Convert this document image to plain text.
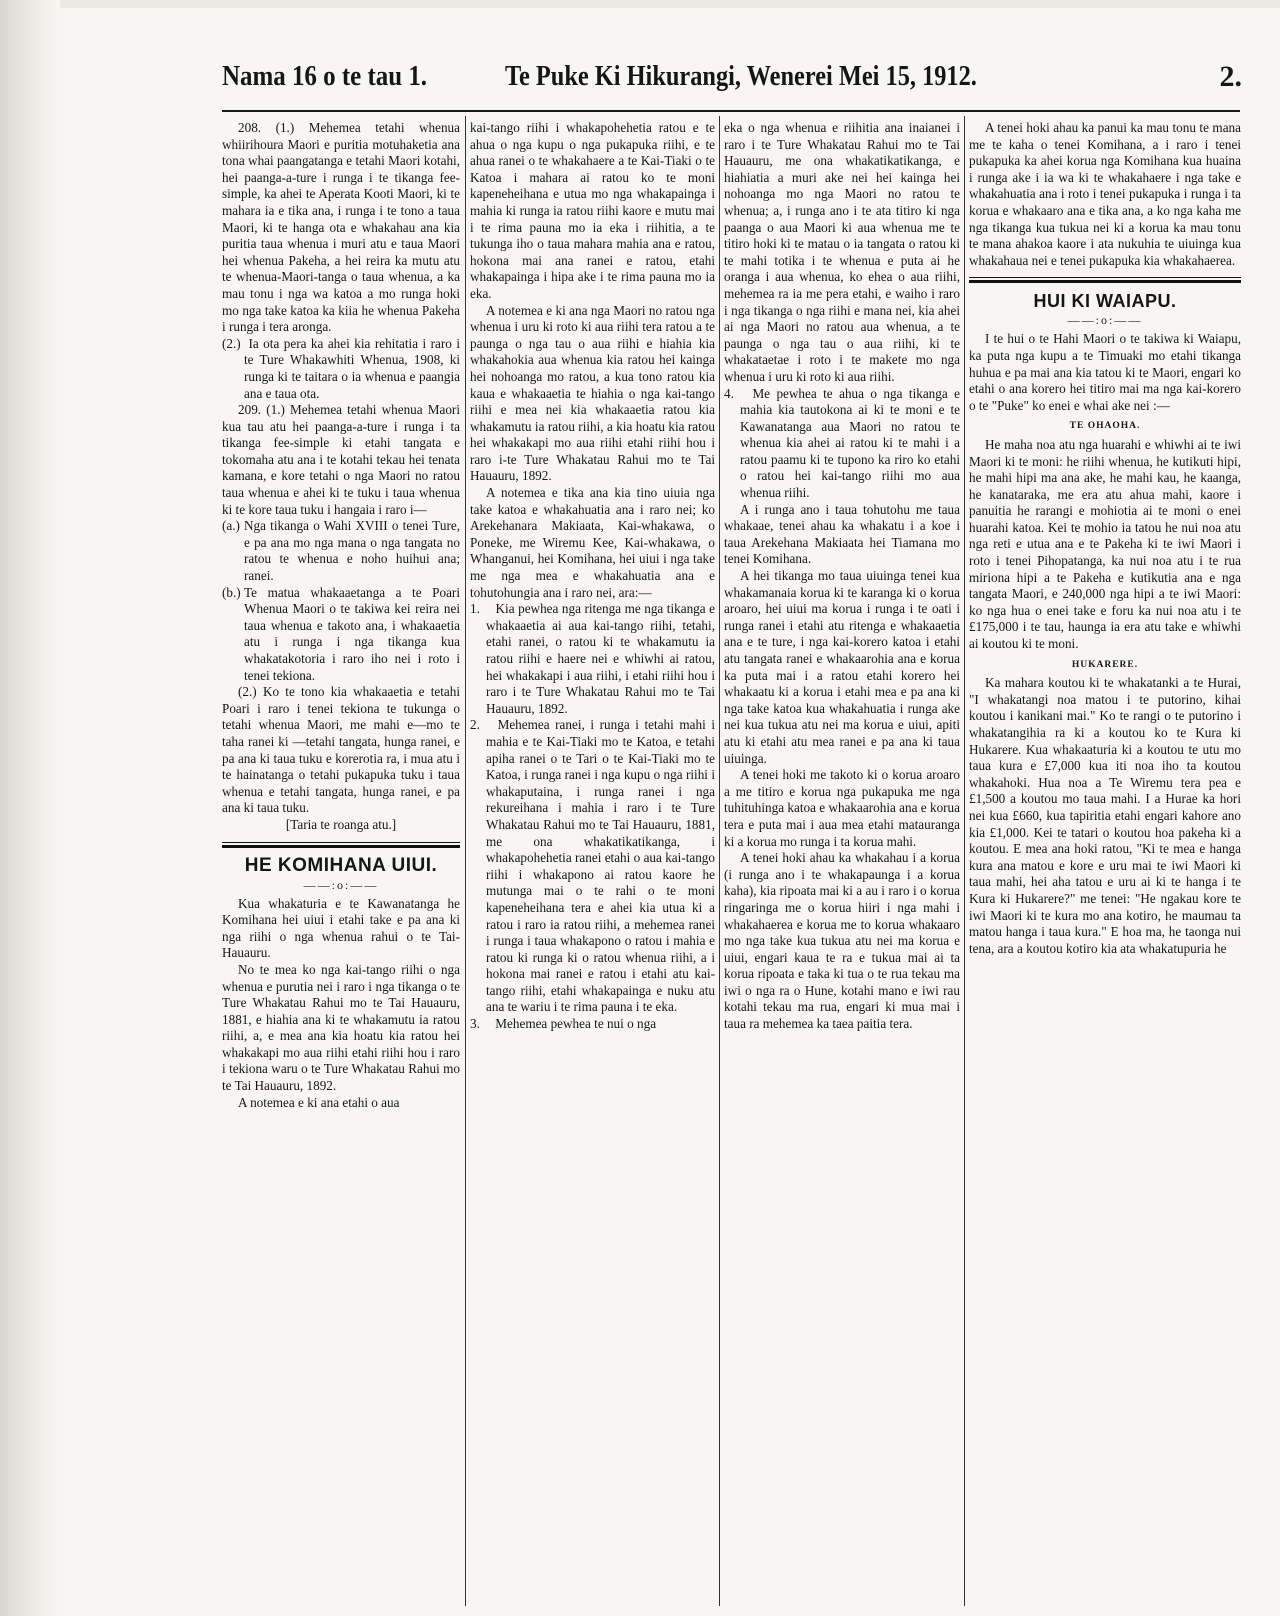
Nama 16 o te tau 1.	Te Puke Ki Hikurangi, Wenerei Mei 15, 1912.	2.

208. (1.) Mehemea tetahi whenua whiirihoura Maori e puritia motuhaketia ana tona whai paangatanga e tetahi Maori kotahi, hei paanga-a-ture i runga i te tikanga fee-simple, ka ahei te Aperata Kooti Maori, ki te mahara ia e tika ana, i runga i te tono a taua Maori, ki te hanga ota e whakahau ana kia puritia taua whenua i muri atu e taua Maori hei whenua Pakeha, a hei reira ka mutu atu te whenua-Maori-tanga o taua whenua, a ka mau tonu i nga wa katoa a mo runga hoki mo nga take katoa ka kiia he whenua Pakeha i runga i tera aronga.

(2.) Ia ota pera ka ahei kia rehitatia i raro i te Ture Whakawhiti Whenua, 1908, ki runga ki te taitara o ia whenua e paangia ana e taua ota.

209. (1.) Mehemea tetahi whenua Maori kua tau atu hei paanga-a-ture i runga i ta tikanga fee-simple ki etahi tangata e tokomaha atu ana i te kotahi tekau hei tenata kamana, e kore tetahi o nga Maori no ratou taua whenua e ahei ki te tuku i taua whenua ki te kore taua tuku i hangaia i raro i—

(a.) Nga tikanga o Wahi XVIII o tenei Ture, e pa ana mo nga mana o nga tangata no ratou te whenua e noho huihui ana; ranei.

(b.) Te matua whakaaetanga a te Poari Whenua Maori o te takiwa kei reira nei taua whenua e takoto ana, i whakaaetia atu i runga i nga tikanga kua whakatakotoria i raro iho nei i roto i tenei tekiona.

(2.) Ko te tono kia whakaaetia e tetahi Poari i raro i tenei tekiona te tukunga o tetahi whenua Maori, me mahi e—mo te taha ranei ki —tetahi tangata, hunga ranei, e pa ana ki taua tuku e korerotia ra, i mua atu i te hainatanga o tetahi pukapuka tuku i taua whenua e tetahi tangata, hunga ranei, e pa ana ki taua tuku.

[Taria te roanga atu.]

HE KOMIHANA UIUI.

——:o:——

Kua whakaturia e te Kawanatanga he Komihana hei uiui i etahi take e pa ana ki nga riihi o nga whenua rahui o te Tai-Hauauru.

No te mea ko nga kai-tango riihi o nga whenua e purutia nei i raro i nga tikanga o te Ture Whakatau Rahui mo te Tai Hauauru, 1881, e hiahia ana ki te whakamutu ia ratou riihi, a, e mea ana kia hoatu kia ratou hei whakakapi mo aua riihi etahi riihi hou i raro i tekiona waru o te Ture Whakatau Rahui mo te Tai Hauauru, 1892.

A notemea e ki ana etahi o aua

kai-tango riihi i whakapohehetia ratou e te ahua o nga kupu o nga pukapuka riihi, e te ahua ranei o te whakahaere a te Kai-Tiaki o te Katoa i mahara ai ratou ko te moni kapeneheihana e utua mo nga whakapainga i mahia ki runga ia ratou riihi kaore e mutu mai i te rima pauna mo ia eka i riihitia, a te tukunga iho o taua mahara mahia ana e ratou, hokona mai ana ranei e ratou, etahi whakapainga i hipa ake i te rima pauna mo ia eka.

A notemea e ki ana nga Maori no ratou nga whenua i uru ki roto ki aua riihi tera ratou a te paunga o nga tau o aua riihi e hiahia kia whakahokia aua whenua kia ratou hei kainga hei nohoanga mo ratou, a kua tono ratou kia kaua e whakaaetia te hiahia o nga kai-tango riihi e mea nei kia whakaaetia ratou kia whakamutu ia ratou riihi, a kia hoatu kia ratou hei whakakapi mo aua riihi etahi riihi hou i raro i-te Ture Whakatau Rahui mo te Tai Hauauru, 1892.

A notemea e tika ana kia tino uiuia nga take katoa e whakahuatia ana i raro nei; ko Arekehanara Makiaata, Kai-whakawa, o Poneke, me Wiremu Kee, Kai-whakawa, o Whanganui, hei Komihana, hei uiui i nga take me nga mea e whakahuatia ana e tohutohungia ana i raro nei, ara:—

1. Kia pewhea nga ritenga me nga tikanga e whakaaetia ai aua kai-tango riihi, tetahi, etahi ranei, o ratou ki te whakamutu ia ratou riihi e haere nei e whiwhi ai ratou, hei whakakapi i aua riihi, i etahi riihi hou i raro i te Ture Whakatau Rahui mo te Tai Hauauru, 1892.

2. Mehemea ranei, i runga i tetahi mahi i mahia e te Kai-Tiaki mo te Katoa, e tetahi apiha ranei o te Tari o te Kai-Tiaki mo te Katoa, i runga ranei i nga kupu o nga riihi i whakaputaina, i runga ranei i nga rekureihana i mahia i raro i te Ture Whakatau Rahui mo te Tai Hauauru, 1881, me ona whakatikatikanga, i whakapohehetia ranei etahi o aua kai-tango riihi i whakapono ai ratou kaore he mutunga mai o te rahi o te moni kapeneheihana tera e ahei kia utua ki a ratou i raro ia ratou riihi, a mehemea ranei i runga i taua whakapono o ratou i mahia e ratou ki runga ki o ratou whenua riihi, a i hokona mai ranei e ratou i etahi atu kai-tango riihi, etahi whakapainga e nuku atu ana te wariu i te rima pauna i te eka.

3. Mehemea pewhea te nui o nga

eka o nga whenua e riihitia ana inaianei i raro i te Ture Whakatau Rahui mo te Tai Hauauru, me ona whakatikatikanga, e hiahiatia a muri ake nei hei kainga hei nohoanga mo nga Maori no ratou te whenua; a, i runga ano i te ata titiro ki nga paanga o aua Maori ki aua whenua me te titiro hoki ki te matau o ia tangata o ratou ki te mahi totika i te whenua e puta ai he oranga i aua whenua, ko ehea o aua riihi, mehemea ra ia me pera etahi, e waiho i raro i nga tikanga o nga riihi e mana nei, kia ahei ai nga Maori no ratou aua whenua, a te paunga o nga tau o aua riihi, ki te whakataetae i roto i te makete mo nga whenua i uru ki roto ki aua riihi.

4. Me pewhea te ahua o nga tikanga e mahia kia tautokona ai ki te moni e te Kawanatanga aua Maori no ratou te whenua kia ahei ai ratou ki te mahi i a ratou paamu ki te tupono ka riro ko etahi o ratou hei kai-tango riihi mo aua whenua riihi.

A i runga ano i taua tohutohu me taua whakaae, tenei ahau ka whakatu i a koe i taua Arekehana Makiaata hei Tiamana mo tenei Komihana.

A hei tikanga mo taua uiuinga tenei kua whakamanaia korua ki te karanga ki o korua aroaro, hei uiui ma korua i runga i te oati i runga ranei i etahi atu ritenga e whakaaetia ana e te ture, i nga kai-korero katoa i etahi atu tangata ranei e whakaarohia ana e korua ka puta mai i a ratou etahi korero hei whakaatu ki a korua i etahi mea e pa ana ki nga take katoa kua whakahuatia i runga ake nei kua tukua atu nei ma korua e uiui, apiti atu ki etahi atu mea ranei e pa ana ki taua uiuinga.

A tenei hoki me takoto ki o korua aroaro a me titiro e korua nga pukapuka me nga tuhituhinga katoa e whakaarohia ana e korua tera e puta mai i aua mea etahi matauranga ki a korua mo runga i ta korua mahi.

A tenei hoki ahau ka whakahau i a korua (i runga ano i te whakapaunga i a korua kaha), kia ripoata mai ki a au i raro i o korua ringaringa me o korua hiiri i nga mahi i whakahaerea e korua me to korua whakaaro mo nga take kua tukua atu nei ma korua e uiui, engari kaua te ra e tukua mai ai ta korua ripoata e taka ki tua o te rua tekau ma iwi o nga ra o Hune, kotahi mano e iwi rau kotahi tekau ma rua, engari ki mua mai i taua ra mehemea ka taea paitia tera.

A tenei hoki ahau ka panui ka mau tonu te mana me te kaha o tenei Komihana, a i raro i tenei pukapuka ka ahei korua nga Komihana kua huaina i runga ake i ia wa ki te whakahaere i nga take e whakahuatia ana i roto i tenei pukapuka i runga i ta korua e whakaaro ana e tika ana, a ko nga kaha me nga tikanga kua tukua nei ki a korua ka mau tonu te mana ahakoa kaore i ata nukuhia te uiuinga kua whakahaua nei e tenei pukapuka kia whakahaerea.

HUI KI WAIAPU.

——:o:——

I te hui o te Hahi Maori o te takiwa ki Waiapu, ka puta nga kupu a te Timuaki mo etahi tikanga huhua e pa mai ana kia tatou ki te Maori, engari ko etahi o ana korero hei titiro mai ma nga kai-korero o te "Puke" ko enei e whai ake nei :—

TE OHAOHA.

He maha noa atu nga huarahi e whiwhi ai te iwi Maori ki te moni: he riihi whenua, he kutikuti hipi, he mahi hipi ma ana ake, he mahi kau, he kaanga, he kanataraka, me era atu ahua mahi, kaore i panuitia he rarangi e mohiotia ai te moni o enei huarahi katoa. Kei te mohio ia tatou he nui noa atu nga reti e utua ana e te Pakeha ki te iwi Maori i roto i tenei Pihopatanga, ka nui noa atu i te rua miriona hipi a te Pakeha e kutikutia ana e nga tangata Maori, e 240,000 nga hipi a te iwi Maori: ko nga hua o enei take e foru ka nui noa atu i te £175,000 i te tau, haunga ia era atu take e whiwhi ai koutou ki te moni.

HUKARERE.

Ka mahara koutou ki te whakatanki a te Hurai, "I whakatangi noa matou i te putorino, kihai koutou i kanikani mai." Ko te rangi o te putorino i whakatangihia ra ki a koutou ko te Kura ki Hukarere. Kua whakaaturia ki a koutou te utu mo taua kura e £7,000 kua iti noa iho ta koutou whakahoki. Hua noa a Te Wiremu tera pea e £1,500 a koutou mo taua mahi. I a Hurae ka hori nei kua £660, kua tapiritia etahi engari kahore ano kia £1,000. Kei te tatari o koutou hoa pakeha ki a koutou. E mea ana hoki ratou, "Ki te mea e hanga kura ana matou e kore e uru mai te iwi Maori ki taua mahi, hei aha tatou e uru ai ki te hanga i te Kura ki Hukarere?" me tenei: "He ngakau kore te iwi Maori ki te kura mo ana kotiro, he maumau ta matou hanga i taua kura." E hoa ma, he taonga nui tena, ara a koutou kotiro kia ata whakatupuria he
